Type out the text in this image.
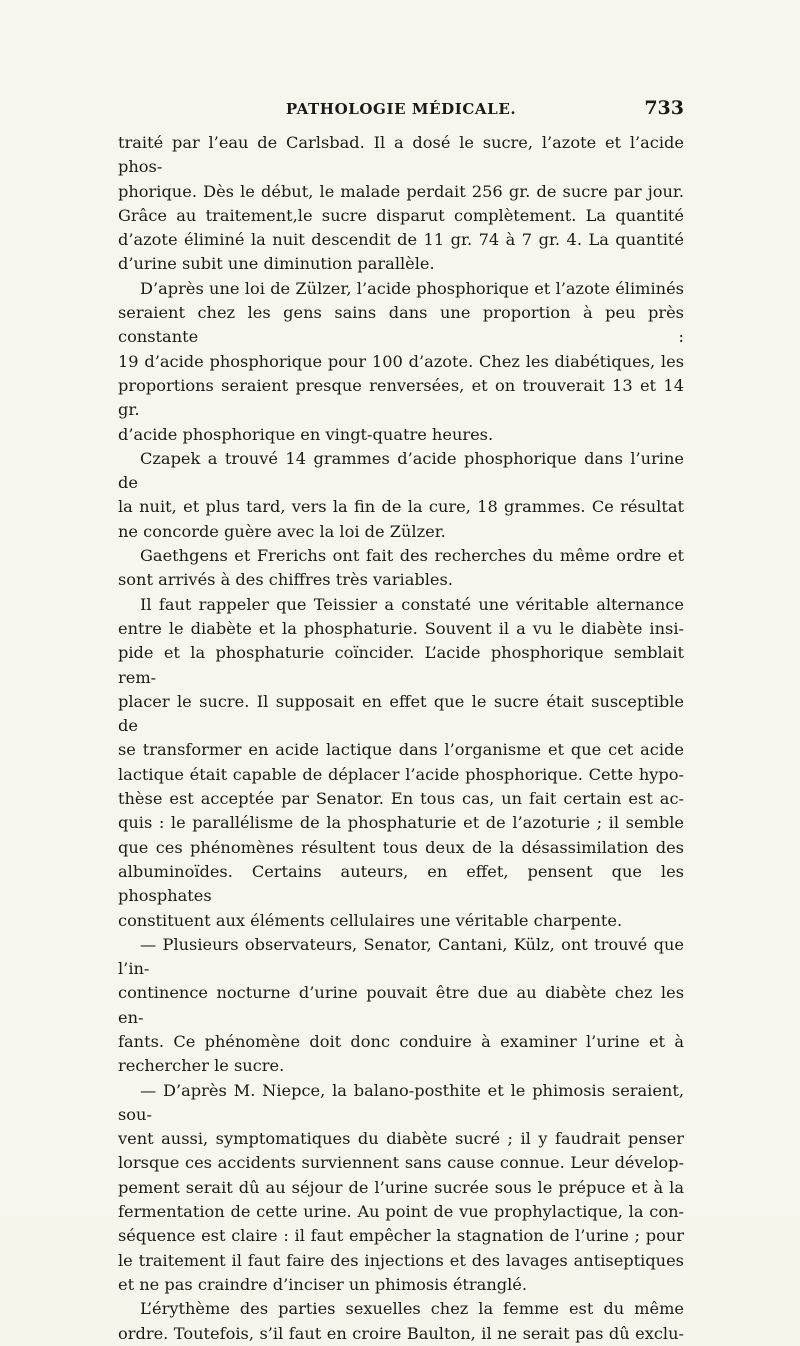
PATHOLOGIE MÉDICALE.	733

traité par l’eau de Carlsbad. Il a dosé le sucre, l’azote et l’acide phos-

phorique. Dès le début, le malade perdait 256 gr. de sucre par jour.

Grâce au traitement,le sucre disparut complètement. La quantité

d’azote éliminé la nuit descendit de 11 gr. 74 à 7 gr. 4. La quantité

d’urine subit une diminution parallèle.

D’après une loi de Zülzer, l’acide phosphorique et l’azote éliminés

seraient chez les gens sains dans une proportion à peu près constante :

19 d’acide phosphorique pour 100 d’azote. Chez les diabétiques, les

proportions seraient presque renversées, et on trouverait 13 et 14 gr.

d’acide phosphorique en vingt-quatre heures.

Czapek a trouvé 14 grammes d’acide phosphorique dans l’urine de

la nuit, et plus tard, vers la fin de la cure, 18 grammes. Ce résultat

ne concorde guère avec la loi de Zülzer.

Gaethgens et Frerichs ont fait des recherches du même ordre et

sont arrivés à des chiffres très variables.

Il faut rappeler que Teissier a constaté une véritable alternance

entre le diabète et la phosphaturie. Souvent il a vu le diabète insi-

pide et la phosphaturie coïncider. L’acide phosphorique semblait rem-

placer le sucre. Il supposait en effet que le sucre était susceptible de

se transformer en acide lactique dans l’organisme et que cet acide

lactique était capable de déplacer l’acide phosphorique. Cette hypo-

thèse est acceptée par Senator. En tous cas, un fait certain est ac-

quis : le parallélisme de la phosphaturie et de l’azoturie ; il semble

que ces phénomènes résultent tous deux de la désassimilation des

albuminoïdes. Certains auteurs, en effet, pensent que les phosphates

constituent aux éléments cellulaires une véritable charpente.

— Plusieurs observateurs, Senator, Cantani, Külz, ont trouvé que l’in-

continence nocturne d’urine pouvait être due au diabète chez les en-

fants. Ce phénomène doit donc conduire à examiner l’urine et à

rechercher le sucre.

— D’après M. Niepce, la balano-posthite et le phimosis seraient, sou-

vent aussi, symptomatiques du diabète sucré ; il y faudrait penser

lorsque ces accidents surviennent sans cause connue. Leur dévelop-

pement serait dû au séjour de l’urine sucrée sous le prépuce et à la

fermentation de cette urine. Au point de vue prophylactique, la con-

séquence est claire : il faut empêcher la stagnation de l’urine ; pour

le traitement il faut faire des injections et des lavages antiseptiques

et ne pas craindre d’inciser un phimosis étranglé.

L’érythème des parties sexuelles chez la femme est du même

ordre. Toutefois, s’il faut en croire Baulton, il ne serait pas dû exclu-
